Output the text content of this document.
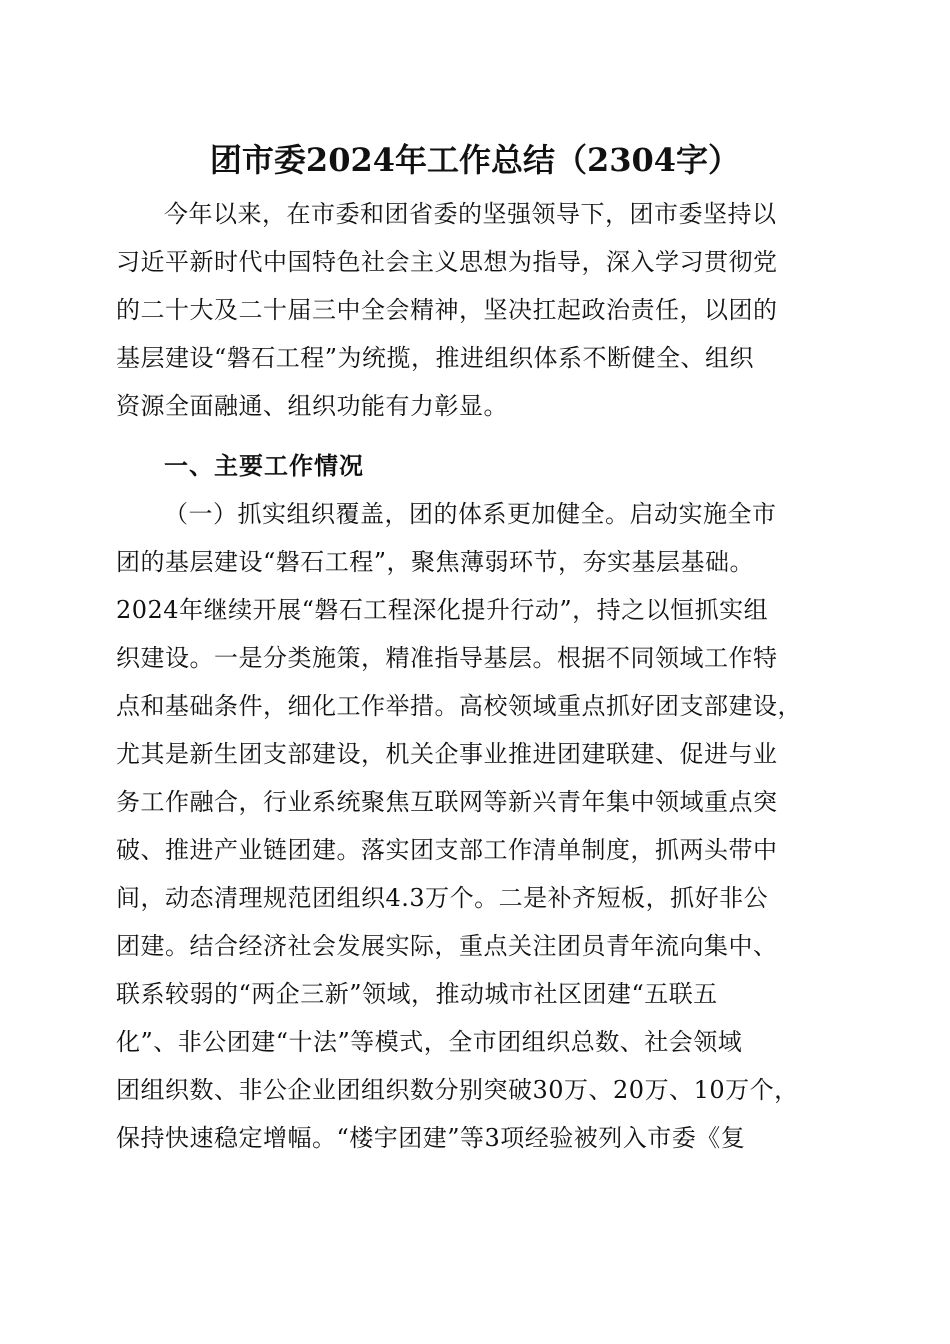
团市委2024年工作总结（2304字）
今年以来，在市委和团省委的坚强领导下，团市委坚持以
习近平新时代中国特色社会主义思想为指导，深入学习贯彻党
的二十大及二十届三中全会精神，坚决扛起政治责任，以团的
基层建设“磐石工程”为统揽，推进组织体系不断健全、组织
资源全面融通、组织功能有力彰显。
一、主要工作情况
（一）抓实组织覆盖，团的体系更加健全。启动实施全市
团的基层建设“磐石工程”，聚焦薄弱环节，夯实基层基础。
2024年继续开展“磐石工程深化提升行动”，持之以恒抓实组
织建设。一是分类施策，精准指导基层。根据不同领域工作特
点和基础条件，细化工作举措。高校领域重点抓好团支部建设，
尤其是新生团支部建设，机关企事业推进团建联建、促进与业
务工作融合，行业系统聚焦互联网等新兴青年集中领域重点突
破、推进产业链团建。落实团支部工作清单制度，抓两头带中
间，动态清理规范团组织4.3万个。二是补齐短板，抓好非公
团建。结合经济社会发展实际，重点关注团员青年流向集中、
联系较弱的“两企三新”领域，推动城市社区团建“五联五
化”、非公团建“十法”等模式，全市团组织总数、社会领域
团组织数、非公企业团组织数分别突破30万、20万、10万个，
保持快速稳定增幅。“楼宇团建”等3项经验被列入市委《复
